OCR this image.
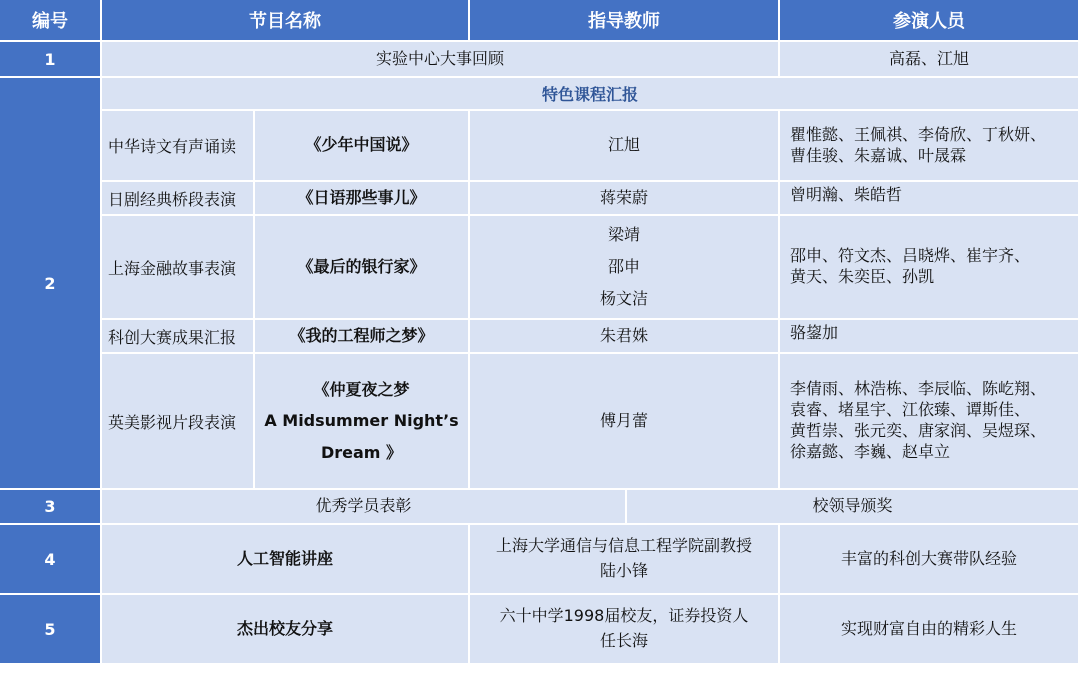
编号	节目名称		指导教师		参演人员
1	实验中心大事回顾				高磊、江旭
2	特色课程汇报				
	中华诗文有声诵读	《少年中国说》	江旭		瞿惟懿、王佩祺、李倚欣、丁秋妍、
曹佳骏、朱嘉诚、叶晟霖

	日剧经典桥段表演	《日语那些事儿》	蒋荣蔚		曾明瀚、柴皓哲

	上海金融故事表演	《最后的银行家》	梁靖
邵申
杨文洁		邵申、符文杰、吕晓烨、崔宇齐、
黄天、朱奕臣、孙凯

	科创大赛成果汇报	《我的工程师之梦》	朱君姝		骆鋆加

	英美影视片段表演	《仲夏夜之梦
A Midsummer Night’s
Dream 》	傅月蕾		李倩雨、林浩栋、李辰临、陈屹翔、
袁睿、堵星宇、江依臻、谭斯佳、
黄哲崇、张元奕、唐家润、吴煜琛、
徐嘉懿、李巍、赵卓立

3	优秀学员表彰			校领导颁奖	
4	人工智能讲座		上海大学通信与信息工程学院副教授
陆小锋		丰富的科创大赛带队经验
5	杰出校友分享		六十中学1998届校友，证券投资人
任长海		实现财富自由的精彩人生
